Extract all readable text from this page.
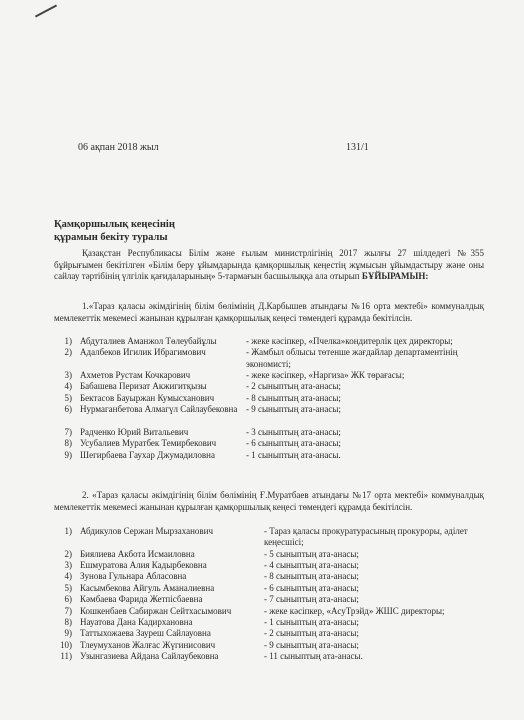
06 ақпан 2018 жыл	131/1
Қамқоршылық кеңесінің
құрамын бекіту туралы
Қазақстан Республикасы Білім және ғылым министрлігінің 2017 жылғы 27 шілдедегі №355 бұйрығымен бекітілген «Білім беру ұйымдарында қамқоршылық кеңестің жұмысын ұйымдастыру және оны сайлау тәртібінің үлгілік қағидаларының» 5-тармағын басшылыққа ала отырып БҰЙЫРАМЫН:
1.«Тараз қаласы әкімдігінің білім бөлімінің Д.Карбышев атындағы №16 орта мектебі» коммуналдық мемлекеттік мекемесі жанынан құрылған қамқоршылық кеңесі төмендегі құрамда бекітілсін.
1) Абдуталиев Аманжол Төлеубайұлы	- жеке кәсіпкер, «Пчелка»кондитерлік цех директоры;
2) Адалбеков Игилик Ибрагимович	- Жамбыл облысы төтенше жағдайлар департаментінің экономисті;
3) Ахметов Рустам Кочкарович	- жеке кәсіпкер, «Наргиза» ЖК төрағасы;
4) Бабашева Перизат Акжигитқызы	- 2 сыныптың ата-анасы;
5) Бектасов Бауыржан Кумысханович	- 8 сыныптың ата-анасы;
6) Нурмаганбетова Алмагүл Сайлаубековна - 9 сыныптың ата-анасы;
7) Радченко Юрий Витальевич	- 3 сыныптың ата-анасы;
8) Усубалиев Муратбек Темирбекович	- 6 сыныптың ата-анасы;
9) Шегирбаева Гаухар Джумадиловна	- 1 сыныптың ата-анасы.
2. «Тараз қаласы әкімдігінің білім бөлімінің Ғ.Муратбаев атындағы №17 орта мектебі» коммуналдық мемлекеттік мекемесі жанынан құрылған қамқоршылық кеңесі төмендегі құрамда бекітілсін.
1) Абдикулов Сержан Мырзаханович	- Тараз қаласы прокуратурасының прокуроры, әділет кеңесшісі;
2) Биялиева Акбота Исмаиловна	- 5 сыныптың ата-анасы;
3) Ешмуратова Алия Кадырбековна	- 4 сыныптың ата-анасы;
4) Зунова Гульнара Абласовна	- 8 сыныптың ата-анасы;
5) Касымбекова Айгуль Аманалиевна	- 6 сыныптың ата-анасы;
6) Кәмбаева Фарида Жетпісбаевна	- 7 сыныптың ата-анасы;
7) Кошкенбаев Сабиржан Сейтхасымович	- жеке кәсіпкер, «АсуТрэйд» ЖШС директоры;
8) Науатова Дана Кадирхановна	- 1 сыныптың ата-анасы;
9) Таттыхожаева Зауреш Сайлауовна	- 2 сыныптың ата-анасы;
10) Тлеумуханов Жалғас Жүгинисович	- 9 сыныптың ата-анасы;
11) Узынгазиева Айдана Сайлаубековна	- 11 сыныптың ата-анасы.
